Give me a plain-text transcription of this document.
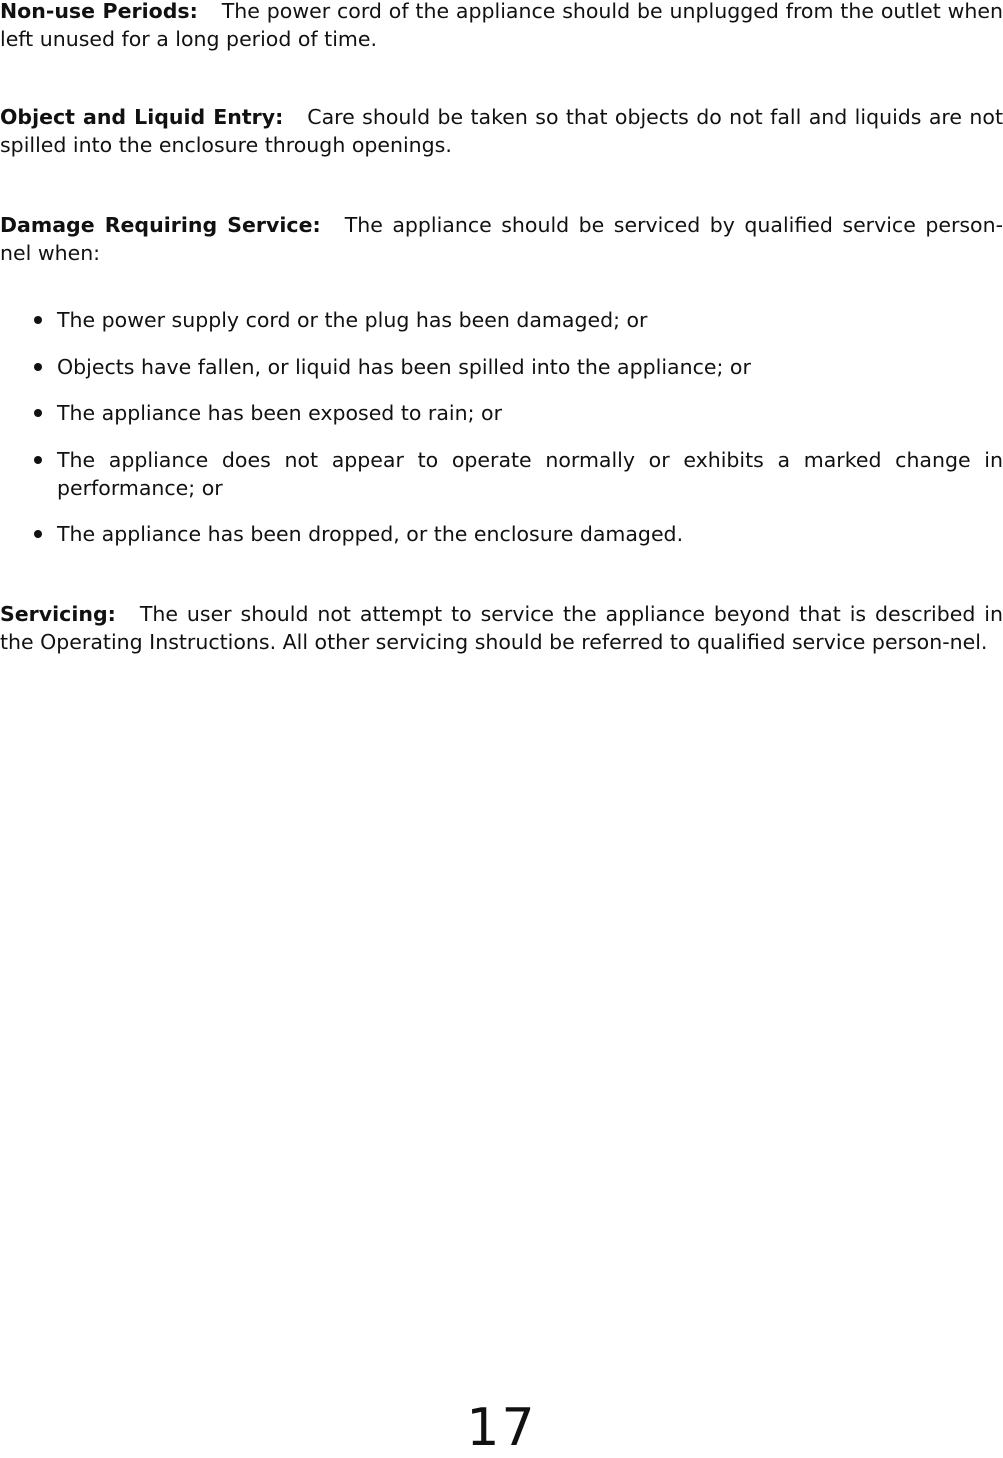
Non-use Periods: The power cord of the appliance should be unplugged from the outlet when left unused for a long period of time.

Object and Liquid Entry: Care should be taken so that objects do not fall and liquids are not spilled into the enclosure through openings.

Damage Requiring Service: The appliance should be serviced by qualified service person-nel when:

The power supply cord or the plug has been damaged; or
Objects have fallen, or liquid has been spilled into the appliance; or
The appliance has been exposed to rain; or
The appliance does not appear to operate normally or exhibits a marked change in performance; or
The appliance has been dropped, or the enclosure damaged.

Servicing: The user should not attempt to service the appliance beyond that is described in the Operating Instructions. All other servicing should be referred to qualified service person-nel.

17
